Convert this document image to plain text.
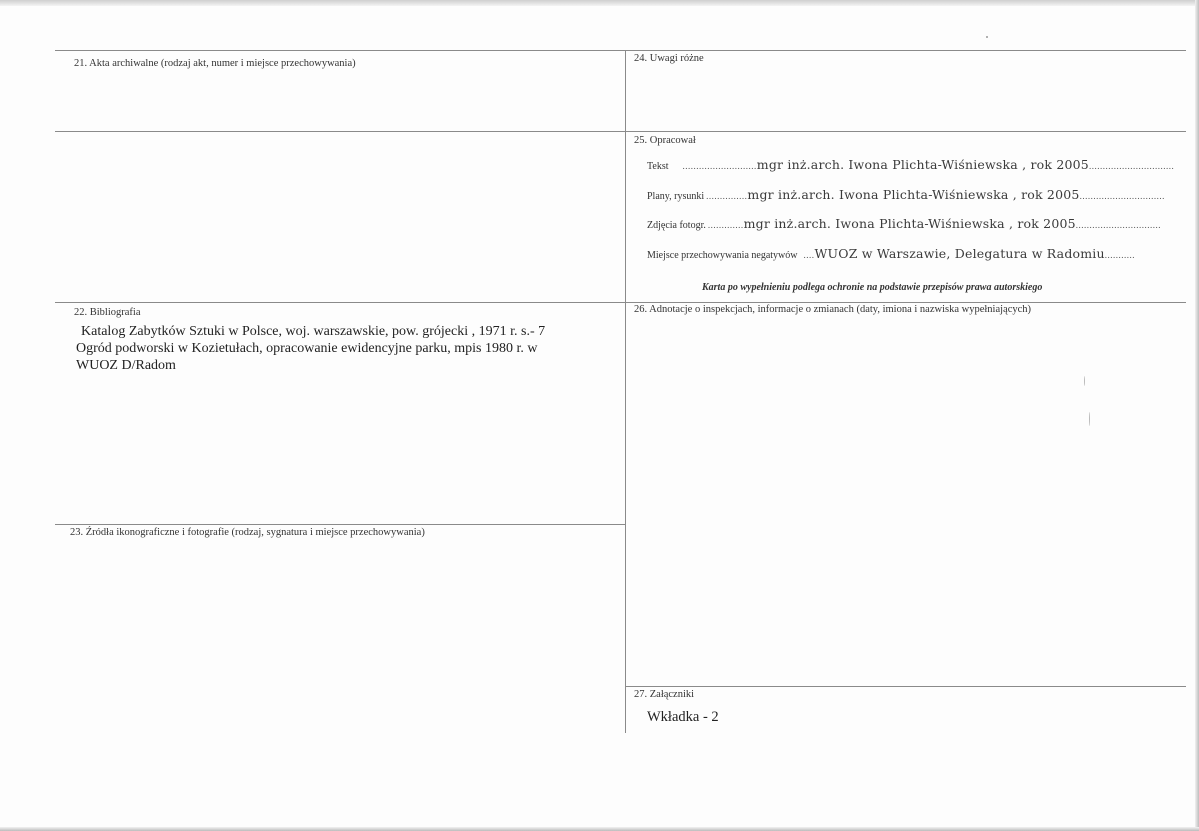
21. Akta archiwalne (rodzaj akt, numer i miejsce przechowywania)	24. Uwagi różne
25. Opracował
Tekst ........................... mgr inż.arch. Iwona Plichta-Wiśniewska , rok 2005 ...............................
Plany, rysunki ............... mgr inż.arch. Iwona Plichta-Wiśniewska , rok 2005 ...............................
Zdjęcia fotogr. ............. mgr inż.arch. Iwona Plichta-Wiśniewska , rok 2005 ...............................
Miejsce przechowywania negatywów .... WUOZ w Warszawie, Delegatura w Radomiu ...........
Karta po wypełnieniu podlega ochronie na podstawie przepisów prawa autorskiego
22. Bibliografia
Katalog Zabytków Sztuki w Polsce, woj. warszawskie, pow. grójecki , 1971 r. s.- 7
Ogród podworski w Kozietułach, opracowanie ewidencyjne parku, mpis 1980 r. w
WUOZ D/Radom
26. Adnotacje o inspekcjach, informacje o zmianach (daty, imiona i nazwiska wypełniających)
23. Źródła ikonograficzne i fotografie (rodzaj, sygnatura i miejsce przechowywania)
27. Załączniki
Wkładka - 2
